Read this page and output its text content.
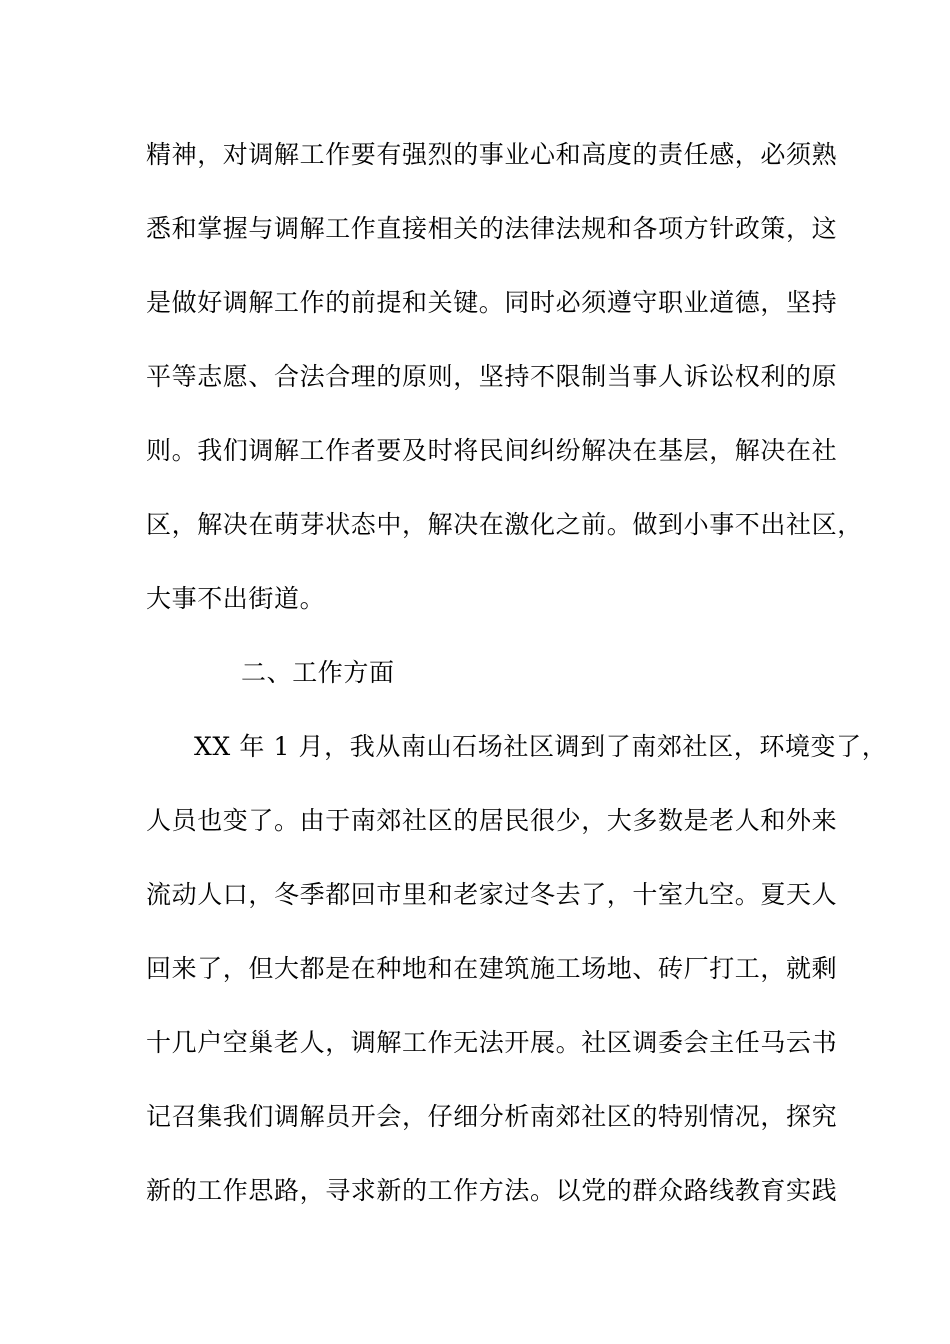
精神，对调解工作要有强烈的事业心和高度的责任感，必须熟
悉和掌握与调解工作直接相关的法律法规和各项方针政策，这
是做好调解工作的前提和关键。同时必须遵守职业道德，坚持
平等志愿、合法合理的原则，坚持不限制当事人诉讼权利的原
则。我们调解工作者要及时将民间纠纷解决在基层，解决在社
区，解决在萌芽状态中，解决在激化之前。做到小事不出社区，
大事不出街道。
二、工作方面
XX 年 1 月，我从南山石场社区调到了南郊社区，环境变了，
人员也变了。由于南郊社区的居民很少，大多数是老人和外来
流动人口，冬季都回市里和老家过冬去了，十室九空。夏天人
回来了，但大都是在种地和在建筑施工场地、砖厂打工，就剩
十几户空巢老人，调解工作无法开展。社区调委会主任马云书
记召集我们调解员开会，仔细分析南郊社区的特别情况，探究
新的工作思路，寻求新的工作方法。以党的群众路线教育实践
